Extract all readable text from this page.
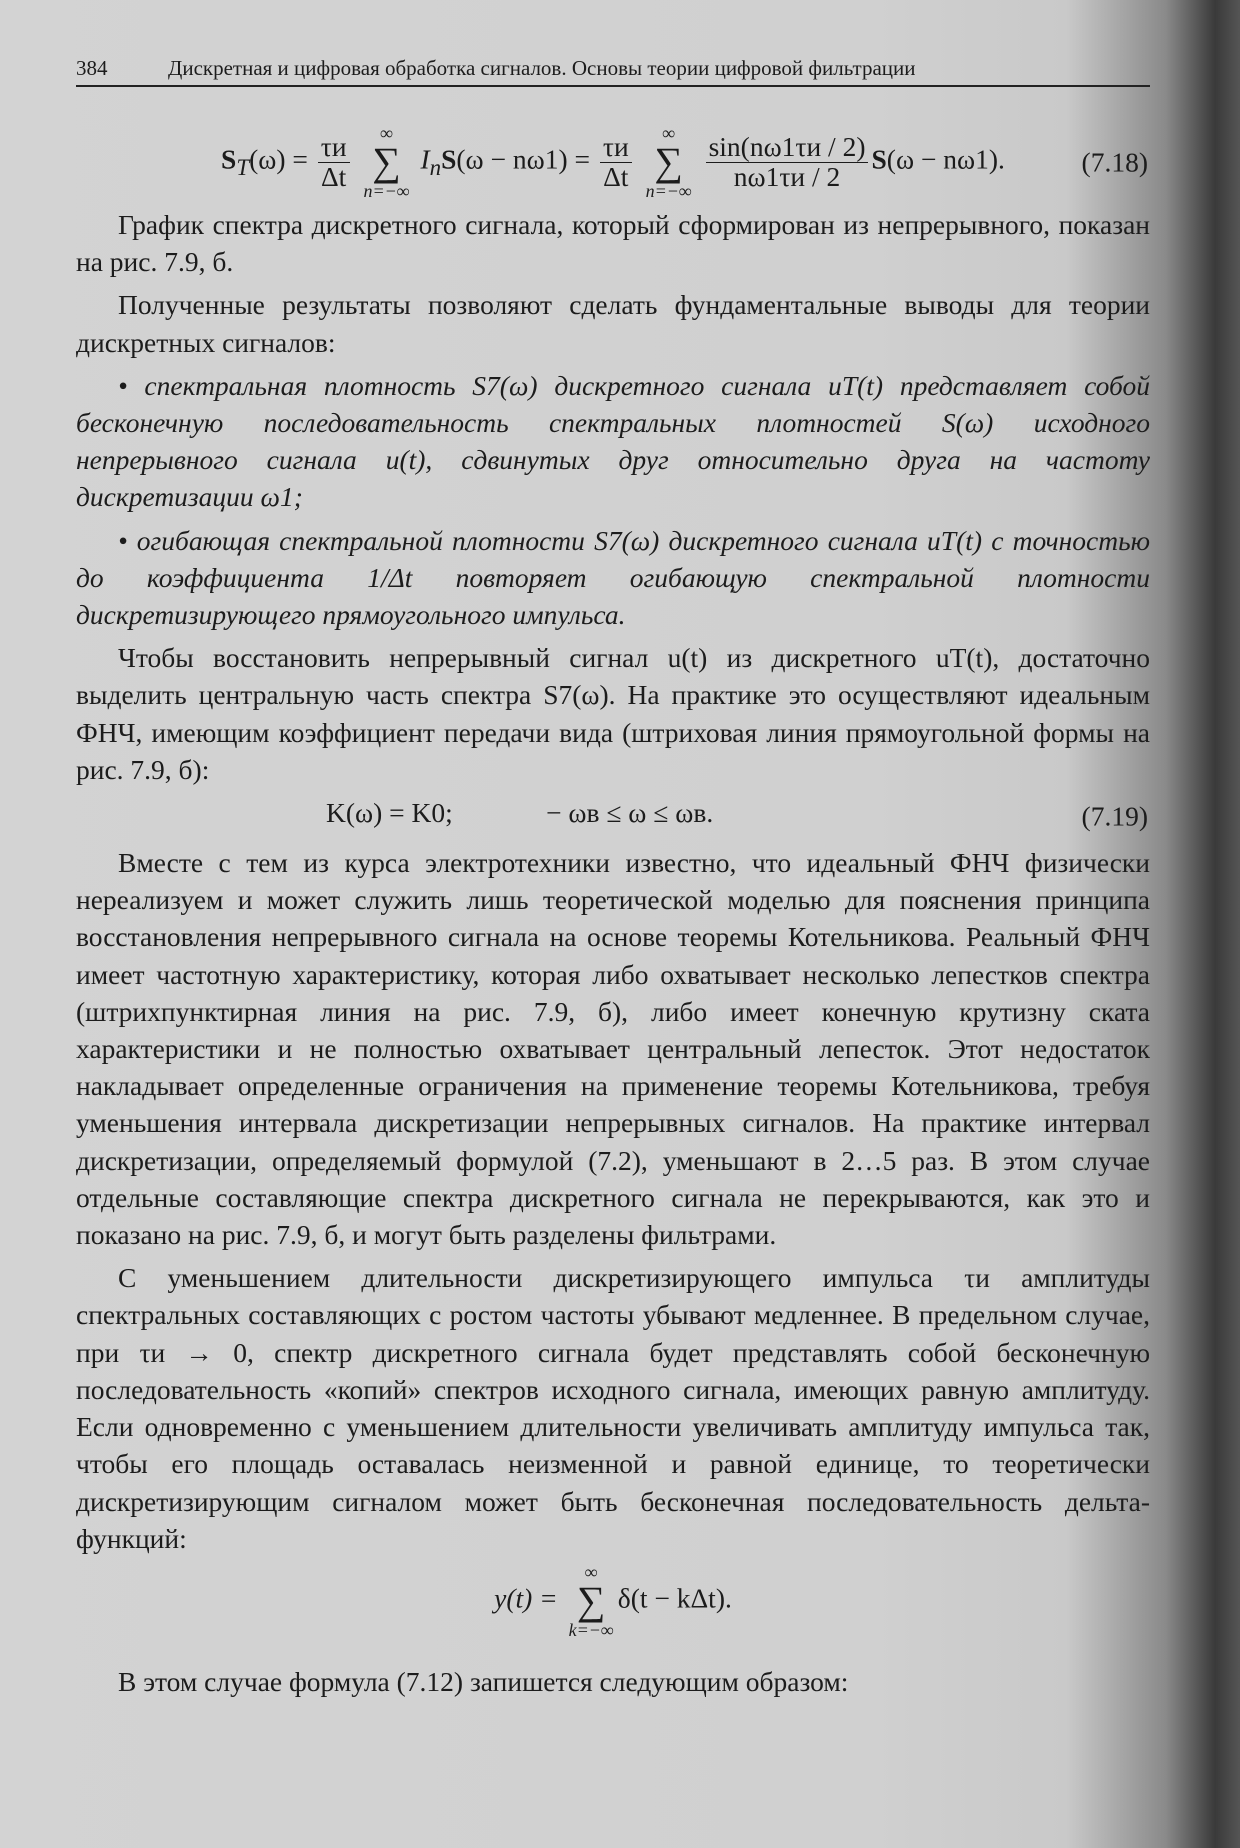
384	Дискретная и цифровая обработка сигналов. Основы теории цифровой фильтрации
$S_T(\omega) = \frac{\tau и}{\Delta t}$
	∞
∑
n=−∞
$I_nS(\omega - n\omega 1) = \frac{\tau и}{\Delta t}$
	∞
∑
n=−∞
$\frac{\sin(n\omega 1\tau и / 2)}{n\omega 1\tau и / 2} S(\omega - n\omega 1)$.	(7.18)

График спектра дискретного сигнала, который сформирован из непрерывного, показан на рис. 7.9, б.

Полученные результаты позволяют сделать фундаментальные выводы для теории дискретных сигналов:

• спектральная плотность S7(ω) дискретного сигнала uT(t) представляет собой бесконечную последовательность спектральных плотностей S(ω) исходного непрерывного сигнала u(t), сдвинутых друг относительно друга на частоту дискретизации ω1;

• огибающая спектральной плотности S7(ω) дискретного сигнала uT(t) с точностью до коэффициента 1/Δt повторяет огибающую спектральной плотности дискретизирующего прямоугольного импульса.

Чтобы восстановить непрерывный сигнал u(t) из дискретного uT(t), достаточно выделить центральную часть спектра S7(ω). На практике это осуществляют идеальным ФНЧ, имеющим коэффициент передачи вида (штриховая линия прямоугольной формы на рис. 7.9, б):

K(ω) = K0;	− ωв ≤ ω ≤ ωв.	(7.19)

Вместе с тем из курса электротехники известно, что идеальный ФНЧ физически нереализуем и может служить лишь теоретической моделью для пояснения принципа восстановления непрерывного сигнала на основе теоремы Котельникова. Реальный ФНЧ имеет частотную характеристику, которая либо охватывает несколько лепестков спектра (штрихпунктирная линия на рис. 7.9, б), либо имеет конечную крутизну ската характеристики и не полностью охватывает центральный лепесток. Этот недостаток накладывает определенные ограничения на применение теоремы Котельникова, требуя уменьшения интервала дискретизации непрерывных сигналов. На практике интервал дискретизации, определяемый формулой (7.2), уменьшают в 2…5 раз. В этом случае отдельные составляющие спектра дискретного сигнала не перекрываются, как это и показано на рис. 7.9, б, и могут быть разделены фильтрами.

С уменьшением длительности дискретизирующего импульса τи амплитуды спектральных составляющих с ростом частоты убывают медленнее. В предельном случае, при τи → 0, спектр дискретного сигнала будет представлять собой бесконечную последовательность «копий» спектров исходного сигнала, имеющих равную амплитуду. Если одновременно с уменьшением длительности увеличивать амплитуду импульса так, чтобы его площадь оставалась неизменной и равной единице, то теоретически дискретизирующим сигналом может быть бесконечная последовательность дельта-функций:

y(t) =
∞
∑
k=−∞
δ(t − kΔt).

В этом случае формула (7.12) запишется следующим образом:
